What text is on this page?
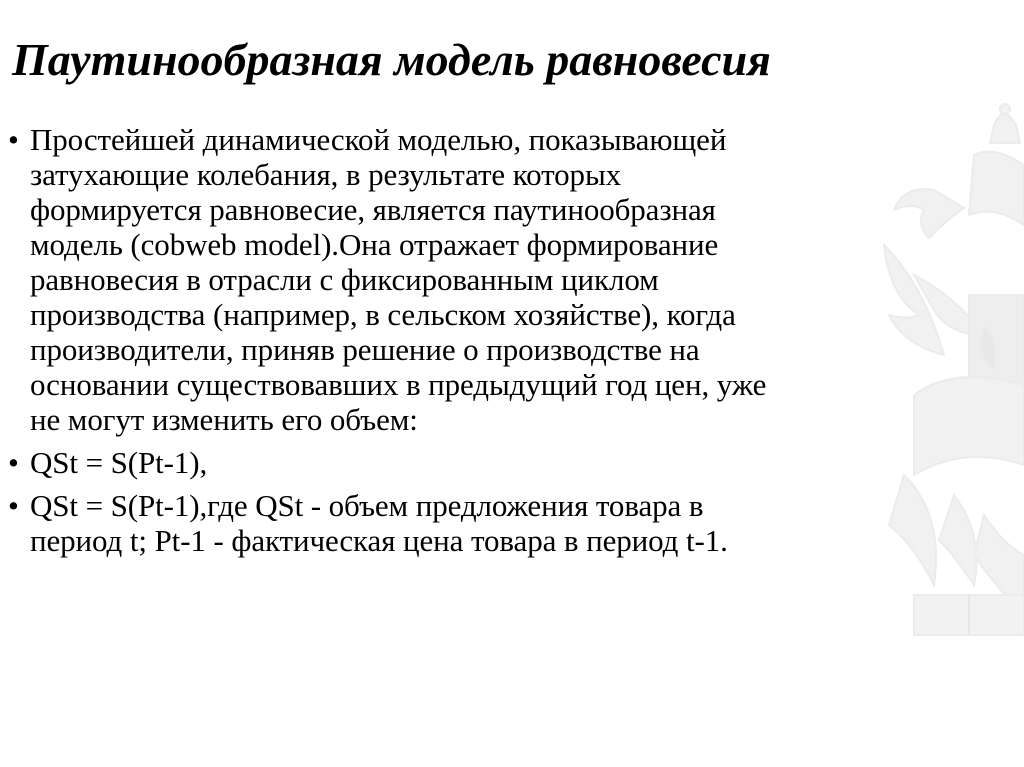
Паутинообразная модель равновесия
• Простейшей динамической моделью, показывающей
затухающие колебания, в результате которых
формируется равновесие, является паутинообразная
модель (cobweb model).Она отражает формирование
равновесия в отрасли с фиксированным циклом
производства (например, в сельском хозяйстве), когда
производители, приняв решение о производстве на
основании существовавших в предыдущий год цен, уже
не могут изменить его объем:
• QSt = S(Pt-1),
• QSt = S(Pt-1),где QSt - объем предложения товара в
период t; Pt-1 - фактическая цена товара в период t-1.
